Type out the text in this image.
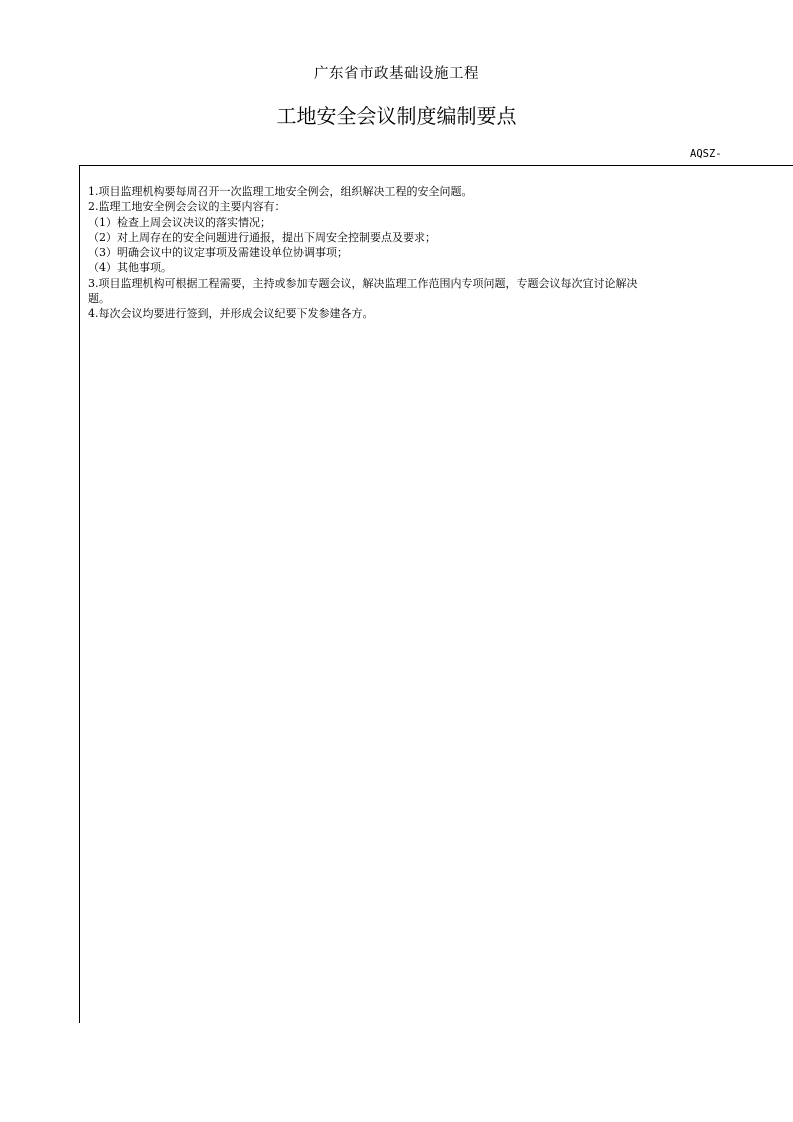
广东省市政基础设施工程
工地安全会议制度编制要点
AQSZ-

1.项目监理机构要每周召开一次监理工地安全例会，组织解决工程的安全问题。

2.监理工地安全例会会议的主要内容有：

（1）检查上周会议决议的落实情况；

（2）对上周存在的安全问题进行通报，提出下周安全控制要点及要求；

（3）明确会议中的议定事项及需建设单位协调事项；

（4）其他事项。

3.项目监理机构可根据工程需要，主持或参加专题会议，解决监理工作范围内专项问题，专题会议每次宜讨论解决

题。

4.每次会议均要进行签到，并形成会议纪要下发参建各方。
